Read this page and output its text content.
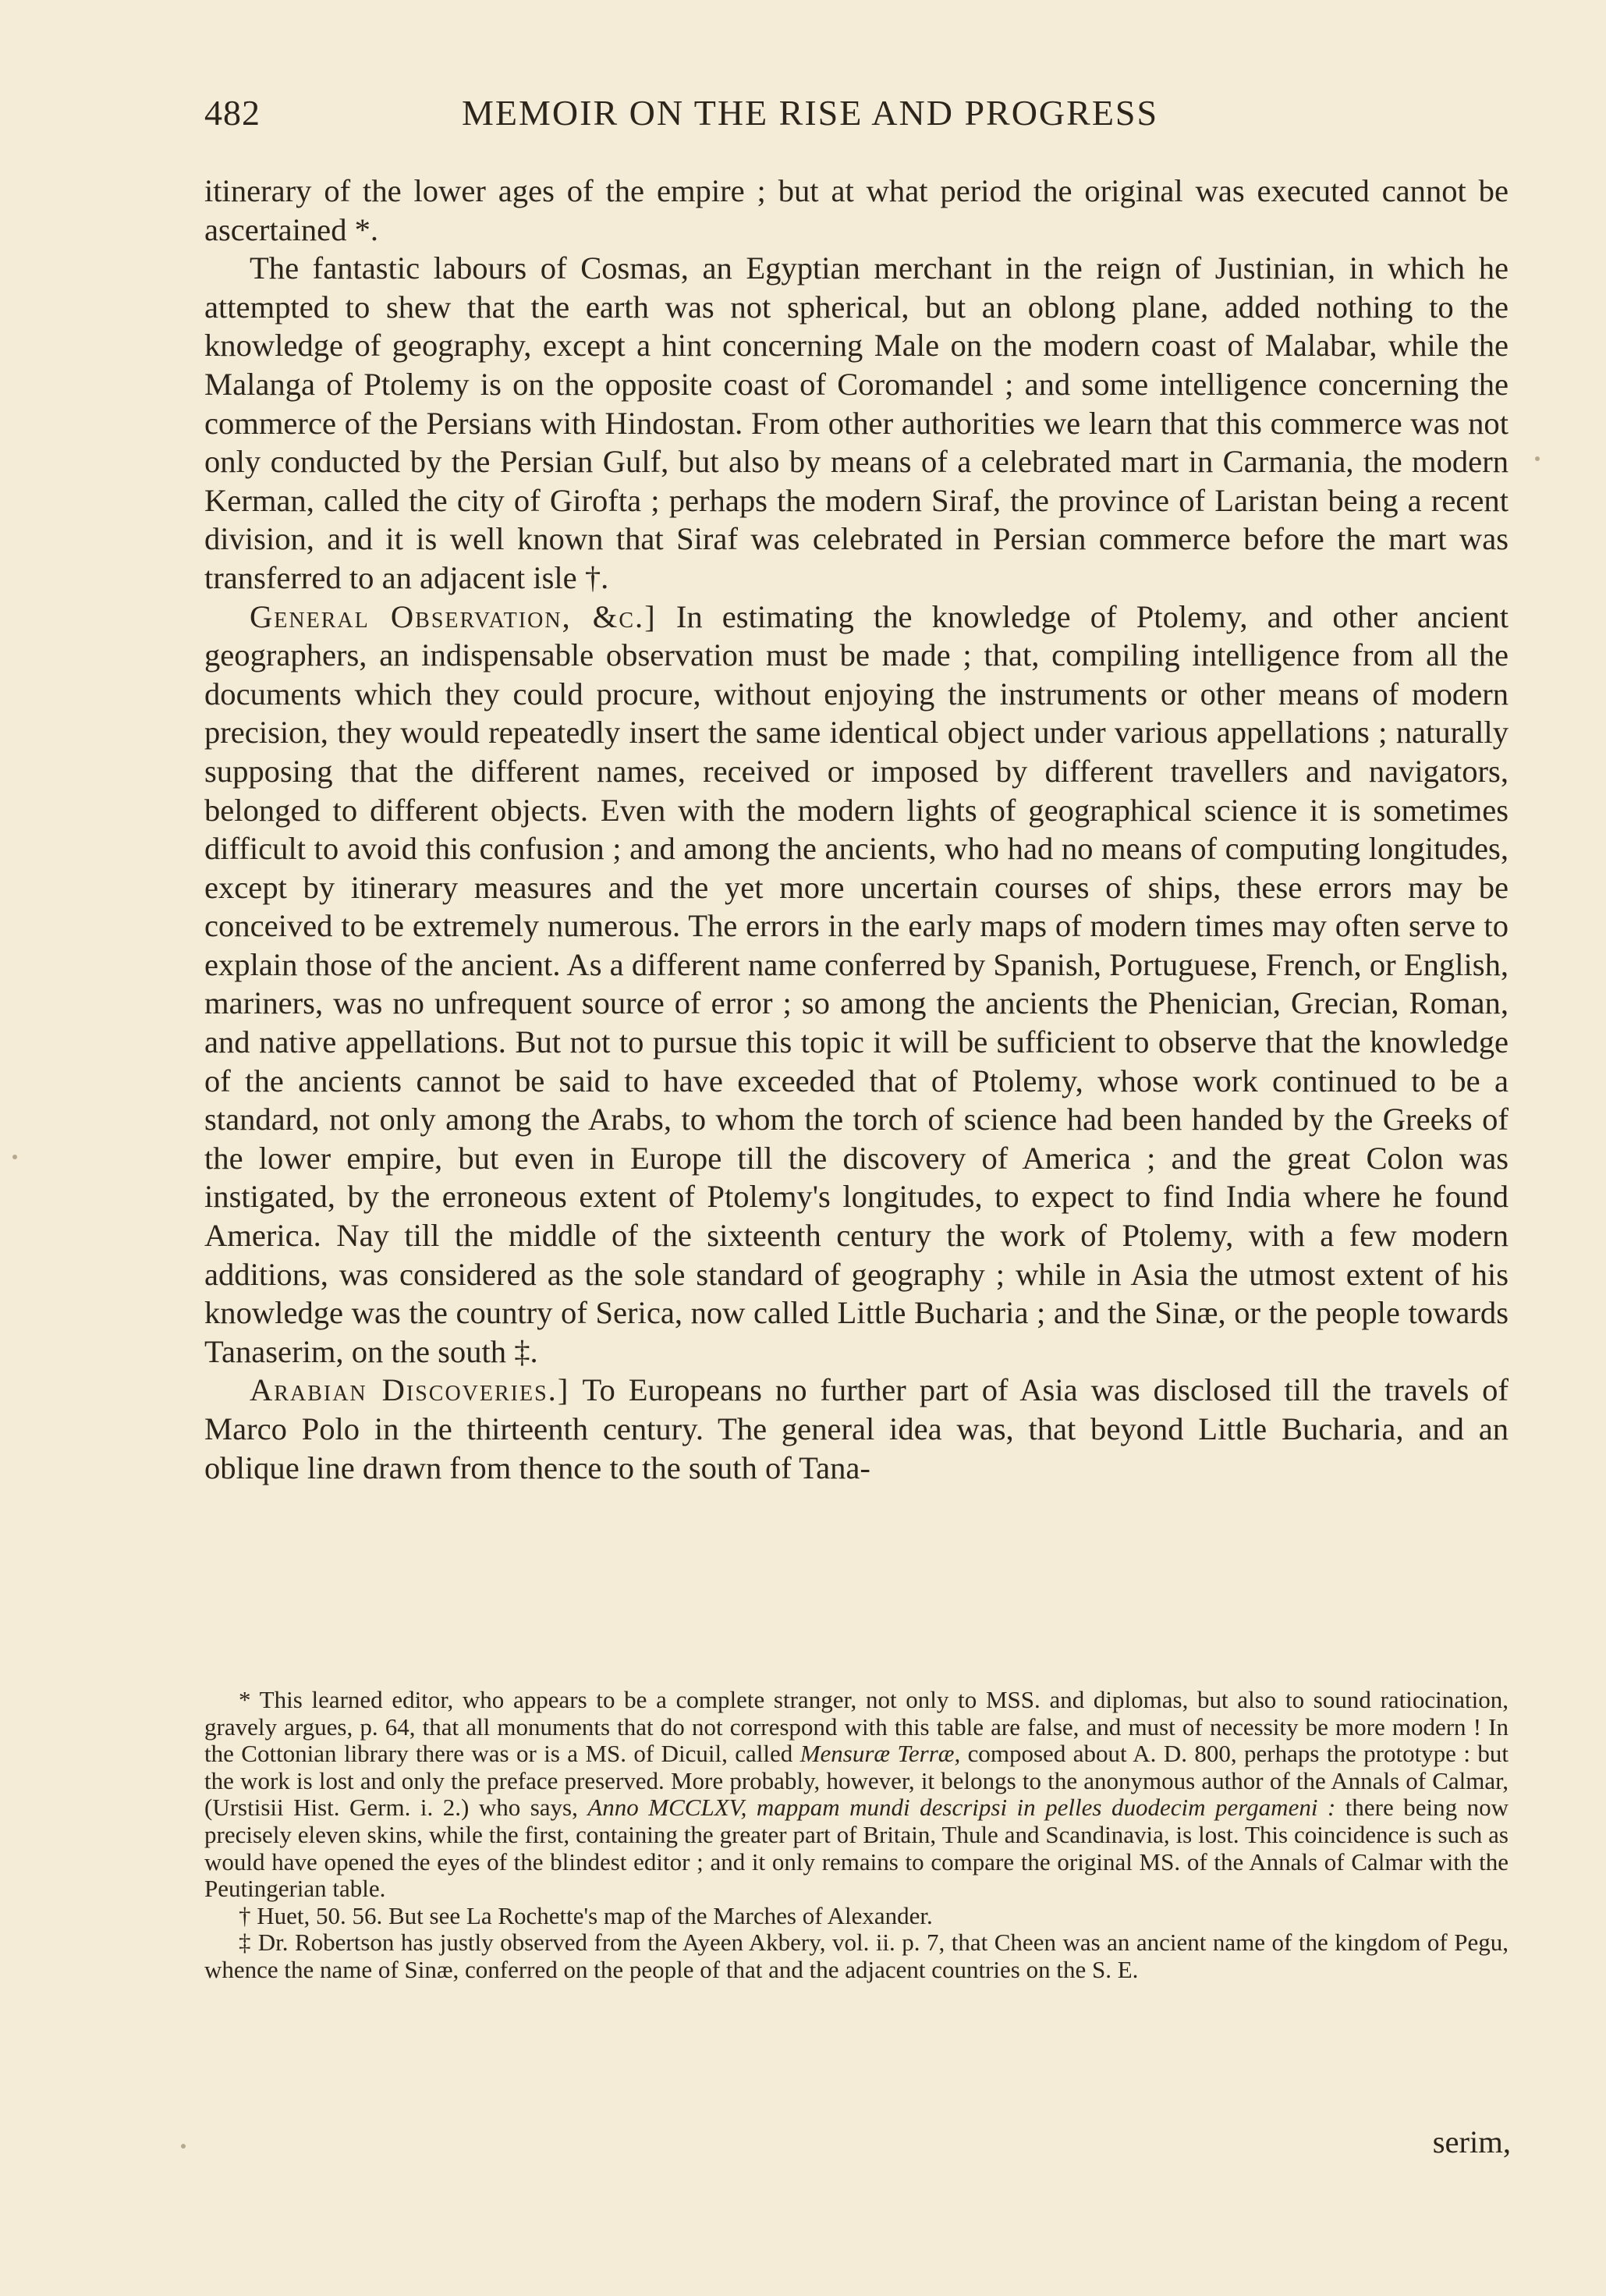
482	MEMOIR ON THE RISE AND PROGRESS

itinerary of the lower ages of the empire ; but at what period the original was executed cannot be ascertained *.

The fantastic labours of Cosmas, an Egyptian merchant in the reign of Justinian, in which he attempted to shew that the earth was not spherical, but an oblong plane, added nothing to the knowledge of geography, except a hint concerning Male on the modern coast of Malabar, while the Malanga of Ptolemy is on the opposite coast of Coromandel ; and some intelligence concerning the commerce of the Persians with Hindostan. From other authorities we learn that this commerce was not only conducted by the Persian Gulf, but also by means of a celebrated mart in Carmania, the modern Kerman, called the city of Girofta ; perhaps the modern Siraf, the province of Laristan being a recent division, and it is well known that Siraf was celebrated in Persian commerce before the mart was transferred to an adjacent isle †.

General Observation, &c.] In estimating the knowledge of Ptolemy, and other ancient geographers, an indispensable observation must be made ; that, compiling intelligence from all the documents which they could procure, without enjoying the instruments or other means of modern precision, they would repeatedly insert the same identical object under various appellations ; naturally supposing that the different names, received or imposed by different travellers and navigators, belonged to different objects. Even with the modern lights of geographical science it is sometimes difficult to avoid this confusion ; and among the ancients, who had no means of computing longitudes, except by itinerary measures and the yet more uncertain courses of ships, these errors may be conceived to be extremely numerous. The errors in the early maps of modern times may often serve to explain those of the ancient. As a different name conferred by Spanish, Portuguese, French, or English, mariners, was no unfrequent source of error ; so among the ancients the Phenician, Grecian, Roman, and native appellations. But not to pursue this topic it will be sufficient to observe that the knowledge of the ancients cannot be said to have exceeded that of Ptolemy, whose work continued to be a standard, not only among the Arabs, to whom the torch of science had been handed by the Greeks of the lower empire, but even in Europe till the discovery of America ; and the great Colon was instigated, by the erroneous extent of Ptolemy's longitudes, to expect to find India where he found America. Nay till the middle of the sixteenth century the work of Ptolemy, with a few modern additions, was considered as the sole standard of geography ; while in Asia the utmost extent of his knowledge was the country of Serica, now called Little Bucharia ; and the Sinæ, or the people towards Tanaserim, on the south ‡.

Arabian Discoveries.] To Europeans no further part of Asia was disclosed till the travels of Marco Polo in the thirteenth century. The general idea was, that beyond Little Bucharia, and an oblique line drawn from thence to the south of Tana-

* This learned editor, who appears to be a complete stranger, not only to MSS. and diplomas, but also to sound ratiocination, gravely argues, p. 64, that all monuments that do not correspond with this table are false, and must of necessity be more modern ! In the Cottonian library there was or is a MS. of Dicuil, called Mensuræ Terræ, composed about A. D. 800, perhaps the prototype : but the work is lost and only the preface preserved. More probably, however, it belongs to the anonymous author of the Annals of Calmar, (Urstisii Hist. Germ. i. 2.) who says, Anno MCCLXV, mappam mundi descripsi in pelles duodecim pergameni : there being now precisely eleven skins, while the first, containing the greater part of Britain, Thule and Scandinavia, is lost. This coincidence is such as would have opened the eyes of the blindest editor ; and it only remains to compare the original MS. of the Annals of Calmar with the Peutingerian table.

† Huet, 50. 56. But see La Rochette's map of the Marches of Alexander.

‡ Dr. Robertson has justly observed from the Ayeen Akbery, vol. ii. p. 7, that Cheen was an ancient name of the kingdom of Pegu, whence the name of Sinæ, conferred on the people of that and the adjacent countries on the S. E.

serim,
